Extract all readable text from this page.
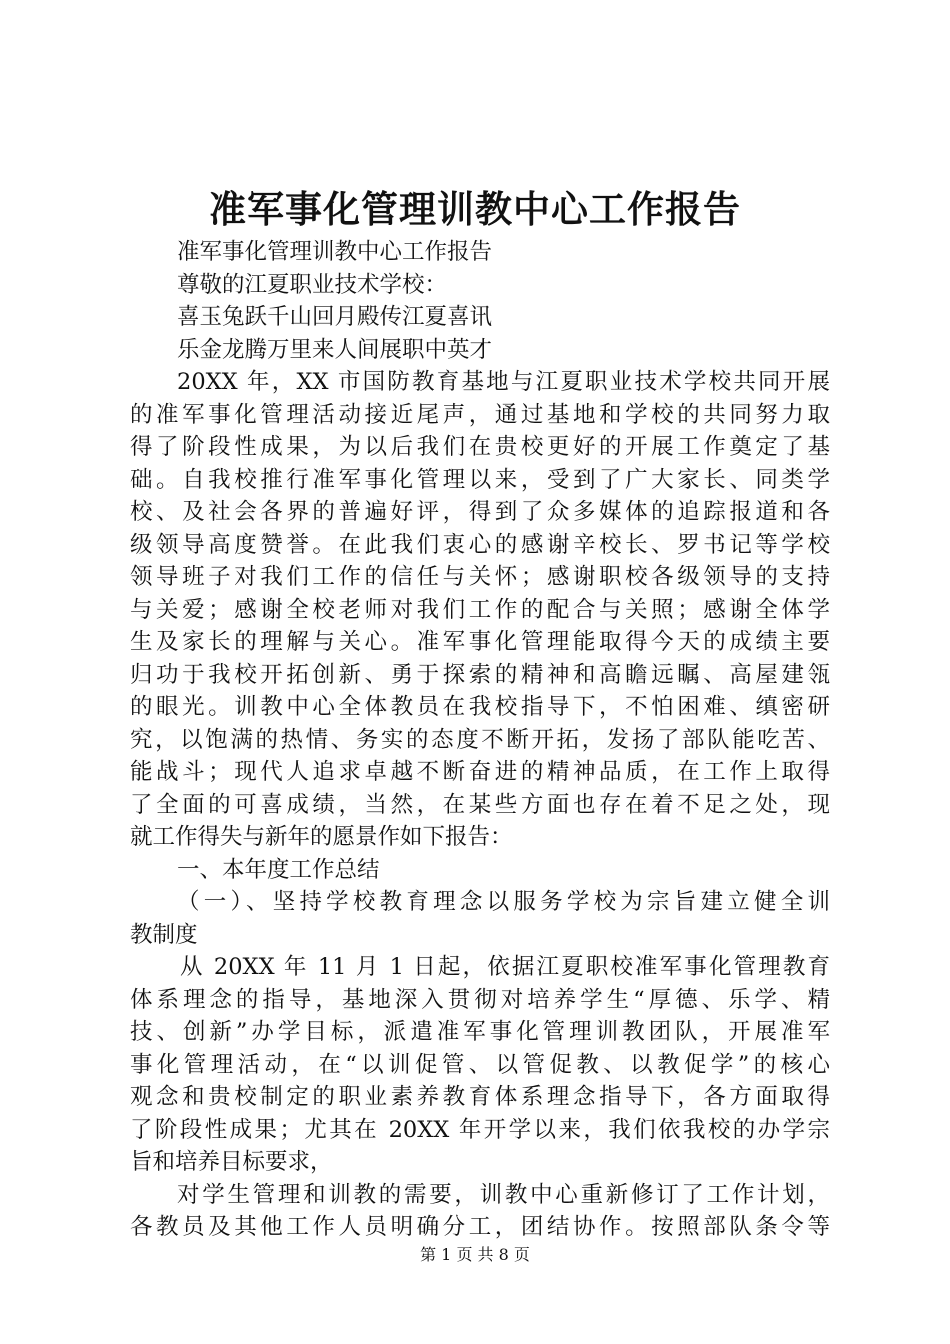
准军事化管理训教中心工作报告
准军事化管理训教中心工作报告
尊敬的江夏职业技术学校：
喜玉兔跃千山回月殿传江夏喜讯
乐金龙腾万里来人间展职中英才
20XX 年，XX 市国防教育基地与江夏职业技术学校共同开展
的准军事化管理活动接近尾声，通过基地和学校的共同努力取
得了阶段性成果，为以后我们在贵校更好的开展工作奠定了基
础。自我校推行准军事化管理以来，受到了广大家长、同类学
校、及社会各界的普遍好评，得到了众多媒体的追踪报道和各
级领导高度赞誉。在此我们衷心的感谢辛校长、罗书记等学校
领导班子对我们工作的信任与关怀；感谢职校各级领导的支持
与关爱；感谢全校老师对我们工作的配合与关照；感谢全体学
生及家长的理解与关心。准军事化管理能取得今天的成绩主要
归功于我校开拓创新、勇于探索的精神和高瞻远瞩、高屋建瓴
的眼光。训教中心全体教员在我校指导下，不怕困难、缜密研
究，以饱满的热情、务实的态度不断开拓，发扬了部队能吃苦、
能战斗；现代人追求卓越不断奋进的精神品质，在工作上取得
了全面的可喜成绩，当然，在某些方面也存在着不足之处，现
就工作得失与新年的愿景作如下报告：
一、本年度工作总结
（一）、坚持学校教育理念以服务学校为宗旨建立健全训
教制度
从 20XX 年 11 月 1 日起，依据江夏职校准军事化管理教育
体系理念的指导，基地深入贯彻对培养学生“厚德、乐学、精
技、创新”办学目标，派遣准军事化管理训教团队，开展准军
事化管理活动，在“以训促管、以管促教、以教促学”的核心
观念和贵校制定的职业素养教育体系理念指导下，各方面取得
了阶段性成果；尤其在 20XX 年开学以来，我们依我校的办学宗
旨和培养目标要求，
对学生管理和训教的需要，训教中心重新修订了工作计划，
各教员及其他工作人员明确分工，团结协作。按照部队条令等
第 1 页 共 8 页
